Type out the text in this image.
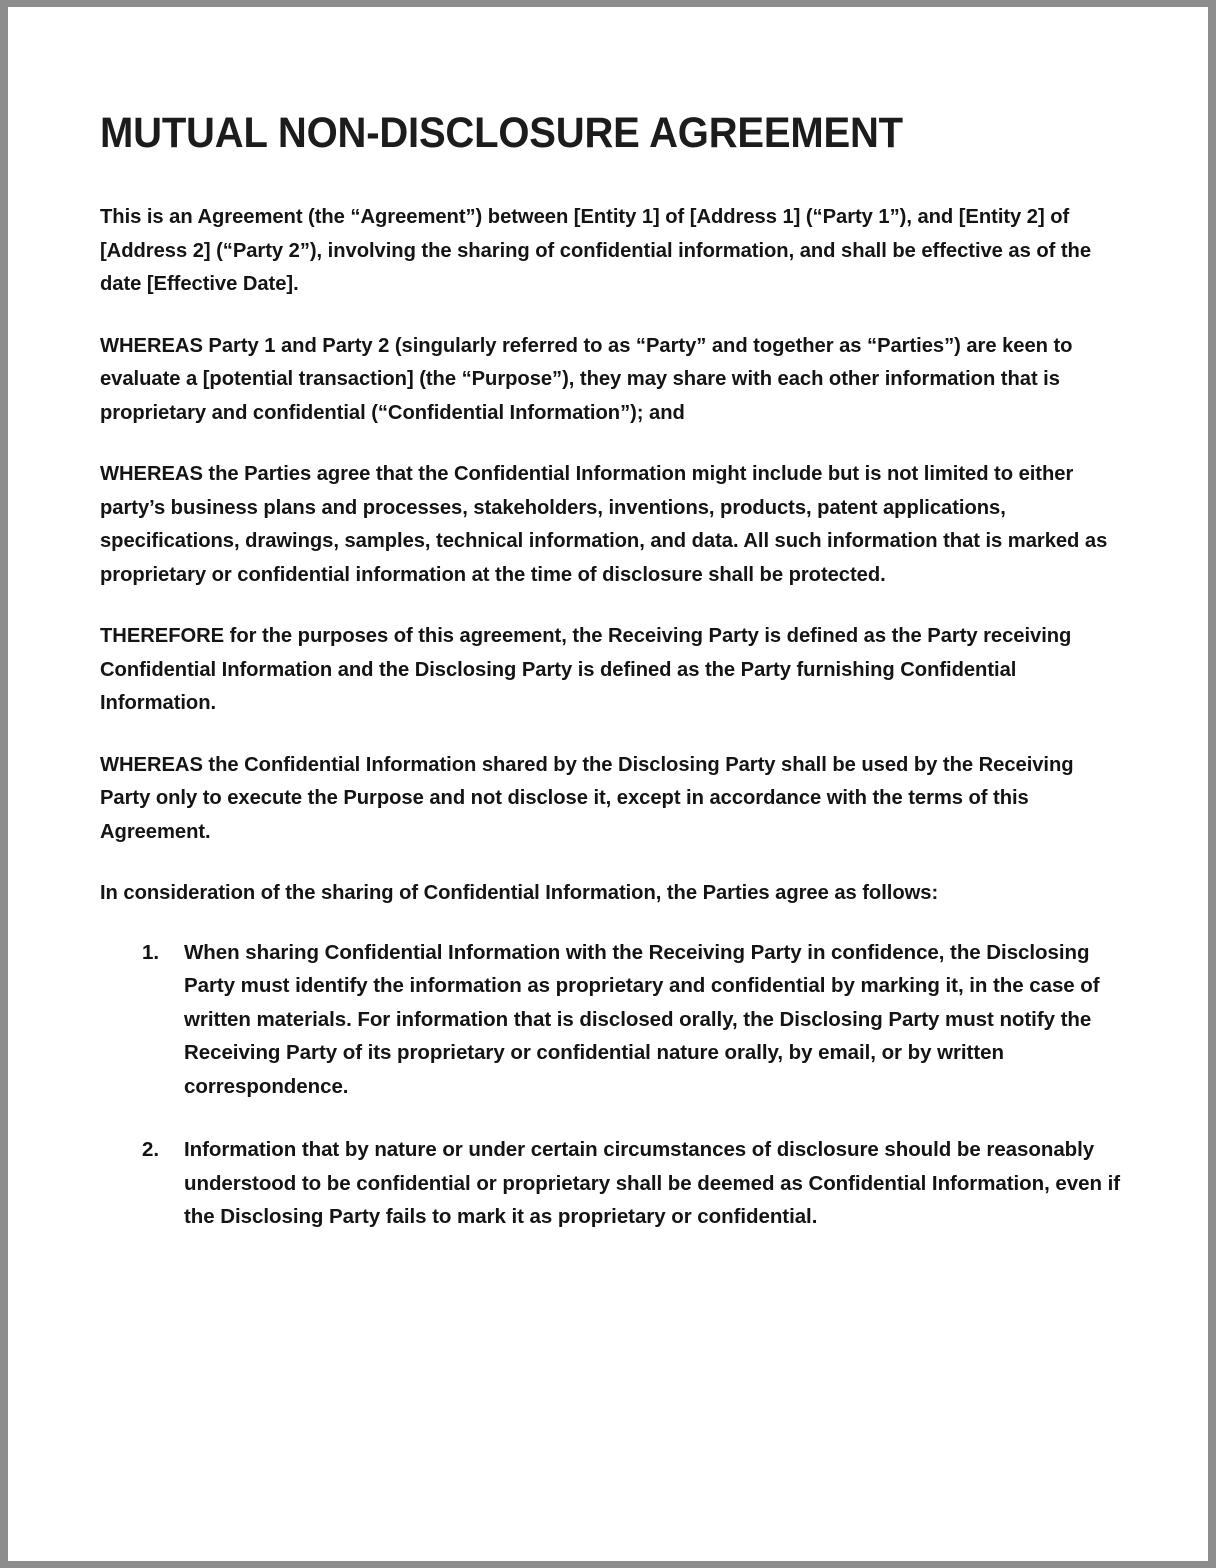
MUTUAL NON-DISCLOSURE AGREEMENT

This is an Agreement (the “Agreement”) between [Entity 1] of [Address 1] (“Party 1”), and [Entity 2] of [Address 2] (“Party 2”), involving the sharing of confidential information, and shall be effective as of the date [Effective Date].

WHEREAS Party 1 and Party 2 (singularly referred to as “Party” and together as “Parties”) are keen to evaluate a [potential transaction] (the “Purpose”), they may share with each other information that is proprietary and confidential (“Confidential Information”); and

WHEREAS the Parties agree that the Confidential Information might include but is not limited to either party’s business plans and processes, stakeholders, inventions, products, patent applications, specifications, drawings, samples, technical information, and data. All such information that is marked as proprietary or confidential information at the time of disclosure shall be protected.

THEREFORE for the purposes of this agreement, the Receiving Party is defined as the Party receiving Confidential Information and the Disclosing Party is defined as the Party furnishing Confidential Information.

WHEREAS the Confidential Information shared by the Disclosing Party shall be used by the Receiving Party only to execute the Purpose and not disclose it, except in accordance with the terms of this Agreement.

In consideration of the sharing of Confidential Information, the Parties agree as follows:

When sharing Confidential Information with the Receiving Party in confidence, the Disclosing Party must identify the information as proprietary and confidential by marking it, in the case of written materials. For information that is disclosed orally, the Disclosing Party must notify the Receiving Party of its proprietary or confidential nature orally, by email, or by written correspondence.
Information that by nature or under certain circumstances of disclosure should be reasonably understood to be confidential or proprietary shall be deemed as Confidential Information, even if the Disclosing Party fails to mark it as proprietary or confidential.
